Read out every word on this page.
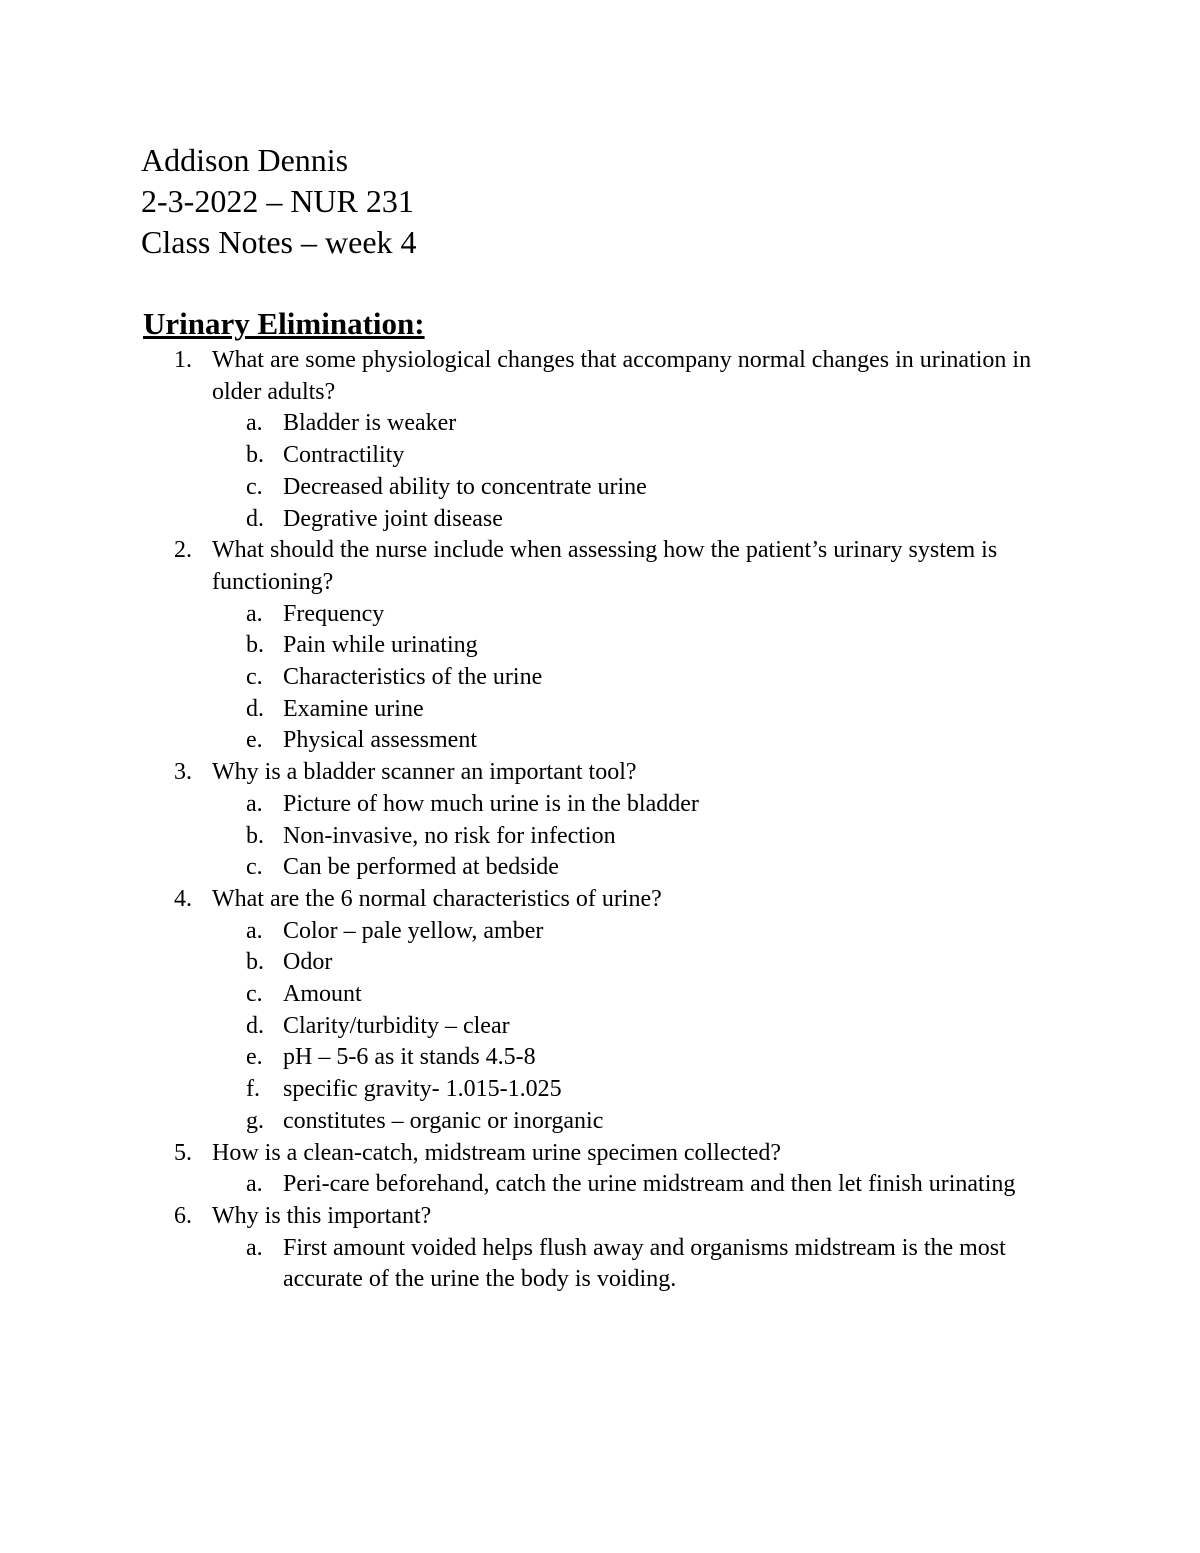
Addison Dennis
2-3-2022 – NUR 231
Class Notes – week 4
Urinary Elimination:
1. What are some physiological changes that accompany normal changes in urination in older adults?
a. Bladder is weaker
b. Contractility
c. Decreased ability to concentrate urine
d. Degrative joint disease
2. What should the nurse include when assessing how the patient’s urinary system is functioning?
a. Frequency
b. Pain while urinating
c. Characteristics of the urine
d. Examine urine
e. Physical assessment
3. Why is a bladder scanner an important tool?
a. Picture of how much urine is in the bladder
b. Non-invasive, no risk for infection
c. Can be performed at bedside
4. What are the 6 normal characteristics of urine?
a. Color – pale yellow, amber
b. Odor
c. Amount
d. Clarity/turbidity – clear
e. pH – 5-6 as it stands 4.5-8
f. specific gravity- 1.015-1.025
g. constitutes – organic or inorganic
5. How is a clean-catch, midstream urine specimen collected?
a. Peri-care beforehand, catch the urine midstream and then let finish urinating
6. Why is this important?
a. First amount voided helps flush away and organisms midstream is the most accurate of the urine the body is voiding.
